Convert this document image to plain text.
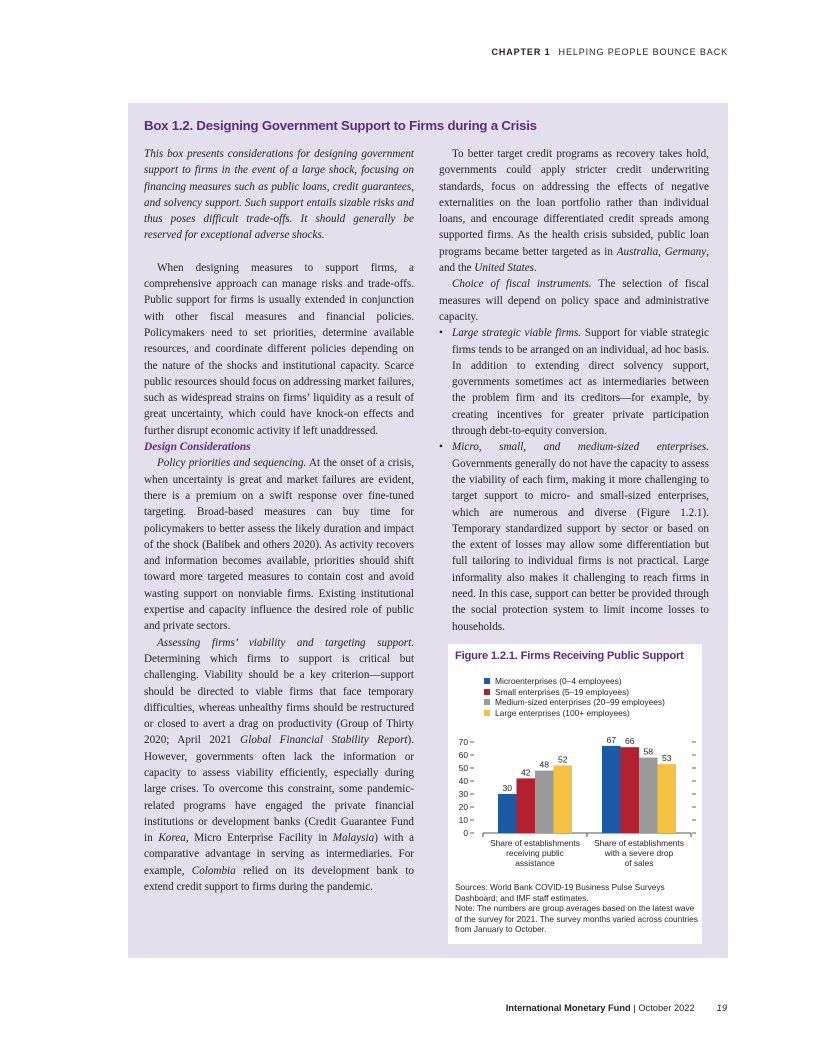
CHAPTER 1 HELPING PEOPLE BOUNCE BACK
Box 1.2. Designing Government Support to Firms during a Crisis

This box presents considerations for designing government support to firms in the event of a large shock, focusing on financing measures such as public loans, credit guarantees, and solvency support. Such support entails sizable risks and thus poses difficult trade-offs. It should generally be reserved for exceptional adverse shocks.

When designing measures to support firms, a comprehensive approach can manage risks and trade-offs. Public support for firms is usually extended in conjunction with other fiscal measures and financial policies. Policymakers need to set priorities, determine available resources, and coordinate different policies depending on the nature of the shocks and institutional capacity. Scarce public resources should focus on addressing market failures, such as widespread strains on firms’ liquidity as a result of great uncertainty, which could have knock-on effects and further disrupt economic activity if left unaddressed.

Design Considerations

Policy priorities and sequencing. At the onset of a crisis, when uncertainty is great and market failures are evident, there is a premium on a swift response over fine-tuned targeting. Broad-based measures can buy time for policymakers to better assess the likely duration and impact of the shock (Balibek and others 2020). As activity recovers and information becomes available, priorities should shift toward more targeted measures to contain cost and avoid wasting support on nonviable firms. Existing institutional expertise and capacity influence the desired role of public and private sectors.

Assessing firms’ viability and targeting support. Determining which firms to support is critical but challenging. Viability should be a key criterion—support should be directed to viable firms that face temporary difficulties, whereas unhealthy firms should be restructured or closed to avert a drag on productivity (Group of Thirty 2020; April 2021 Global Financial Stability Report). However, governments often lack the information or capacity to assess viability efficiently, especially during large crises. To overcome this constraint, some pandemic-related programs have engaged the private financial institutions or development banks (Credit Guarantee Fund in Korea, Micro Enterprise Facility in Malaysia) with a comparative advantage in serving as intermediaries. For example, Colombia relied on its development bank to extend credit support to firms during the pandemic.

To better target credit programs as recovery takes hold, governments could apply stricter credit underwriting standards, focus on addressing the effects of negative externalities on the loan portfolio rather than individual loans, and encourage differentiated credit spreads among supported firms. As the health crisis subsided, public loan programs became better targeted as in Australia, Germany, and the United States.

Choice of fiscal instruments. The selection of fiscal measures will depend on policy space and administrative capacity.

• Large strategic viable firms. Support for viable strategic firms tends to be arranged on an individual, ad hoc basis. In addition to extending direct solvency support, governments sometimes act as intermediaries between the problem firm and its creditors—for example, by creating incentives for greater private participation through debt-to-equity conversion.
• Micro, small, and medium-sized enterprises. Governments generally do not have the capacity to assess the viability of each firm, making it more challenging to target support to micro- and small-sized enterprises, which are numerous and diverse (Figure 1.2.1). Temporary standardized support by sector or based on the extent of losses may allow some differentiation but full tailoring to individual firms is not practical. Large informality also makes it challenging to reach firms in need. In this case, support can better be provided through the social protection system to limit income losses to households.
Figure 1.2.1. Firms Receiving Public Support
Microenterprises (0–4 employees)
Small enterprises (5–19 employees)
Medium-sized enterprises (20–99 employees)
Large enterprises (100+ employees)
0
10
20
30
40
50
60
70
30
42
48
52
Share of establishments
receiving public
assistance
67 66
58
53
Share of establishments
with a severe drop
of sales

Sources: World Bank COVID-19 Business Pulse Surveys Dashboard; and IMF staff estimates.

Note: The numbers are group averages based on the latest wave of the survey for 2021. The survey months varied across countries from January to October.

International Monetary Fund | October 2022 19
